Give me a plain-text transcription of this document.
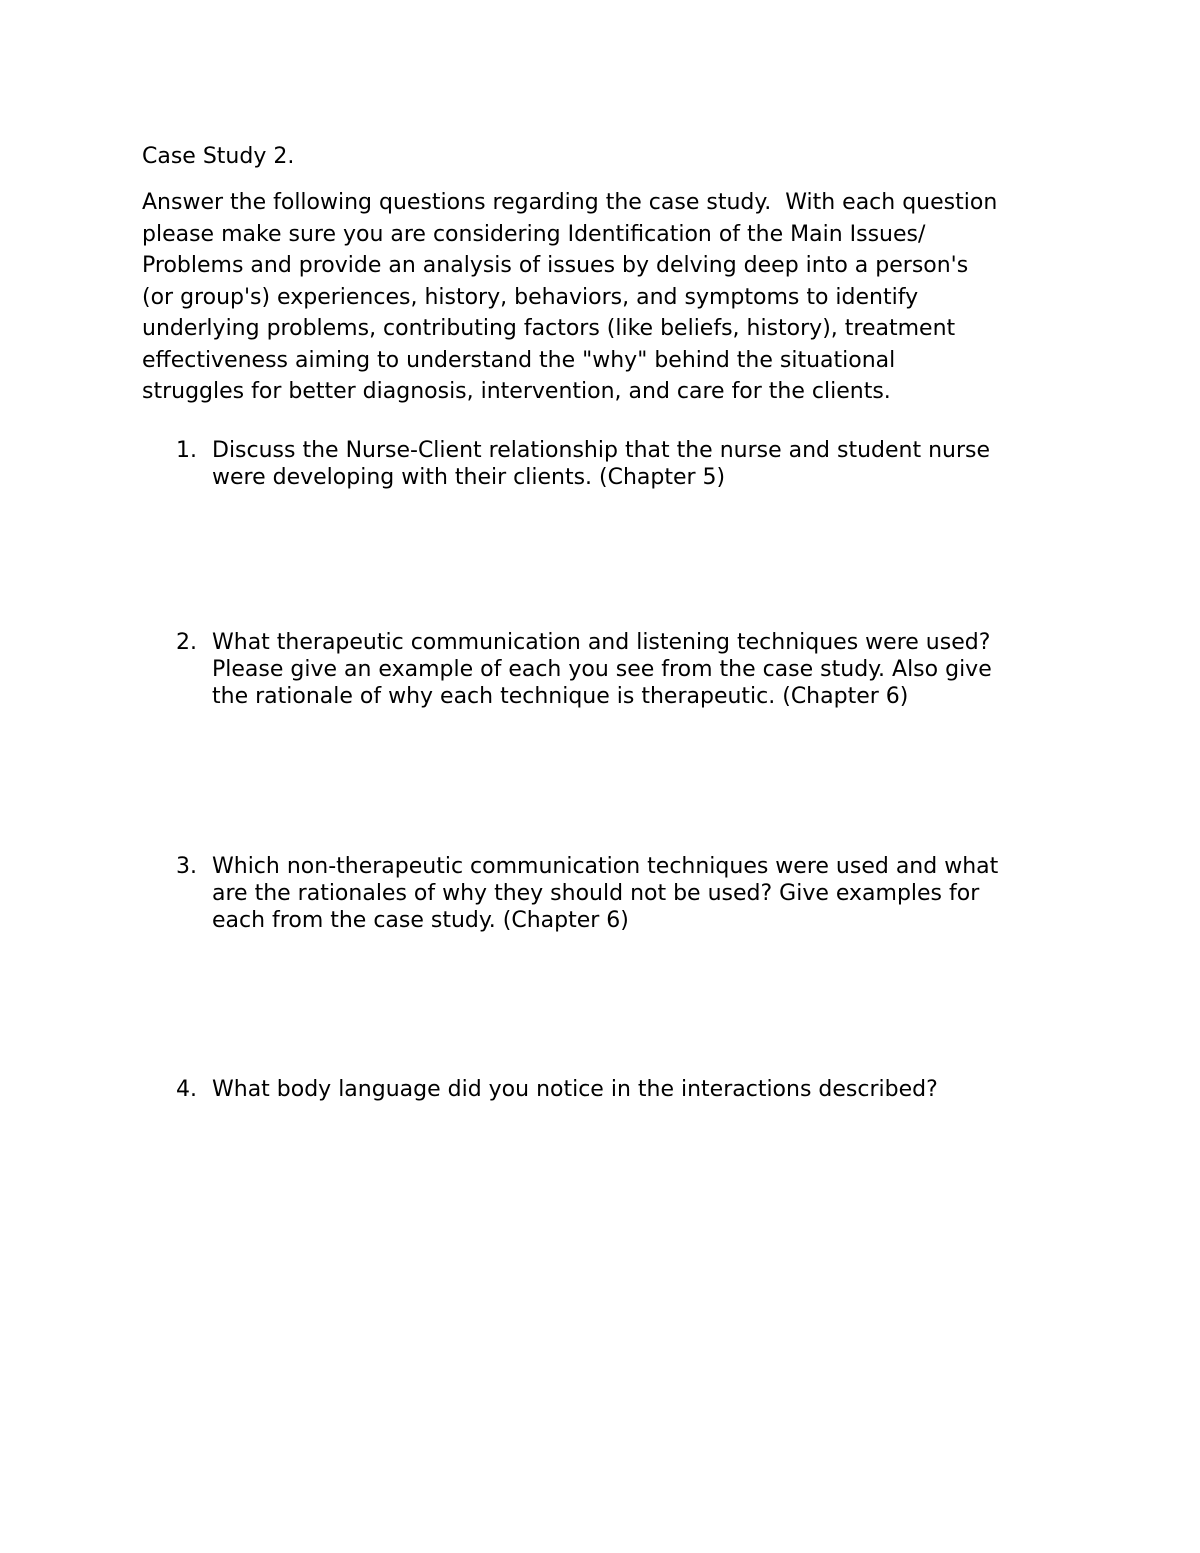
Case Study 2.

Answer the following questions regarding the case study.  With each question
please make sure you are considering Identification of the Main Issues/
Problems and provide an analysis of issues by delving deep into a person's
(or group's) experiences, history, behaviors, and symptoms to identify
underlying problems, contributing factors (like beliefs, history), treatment
effectiveness aiming to understand the "why" behind the situational
struggles for better diagnosis, intervention, and care for the clients.

1. Discuss the Nurse-Client relationship that the nurse and student nurse
were developing with their clients. (Chapter 5)
2. What therapeutic communication and listening techniques were used?
Please give an example of each you see from the case study. Also give
the rationale of why each technique is therapeutic. (Chapter 6)
3. Which non-therapeutic communication techniques were used and what
are the rationales of why they should not be used? Give examples for
each from the case study. (Chapter 6)
4. What body language did you notice in the interactions described?
